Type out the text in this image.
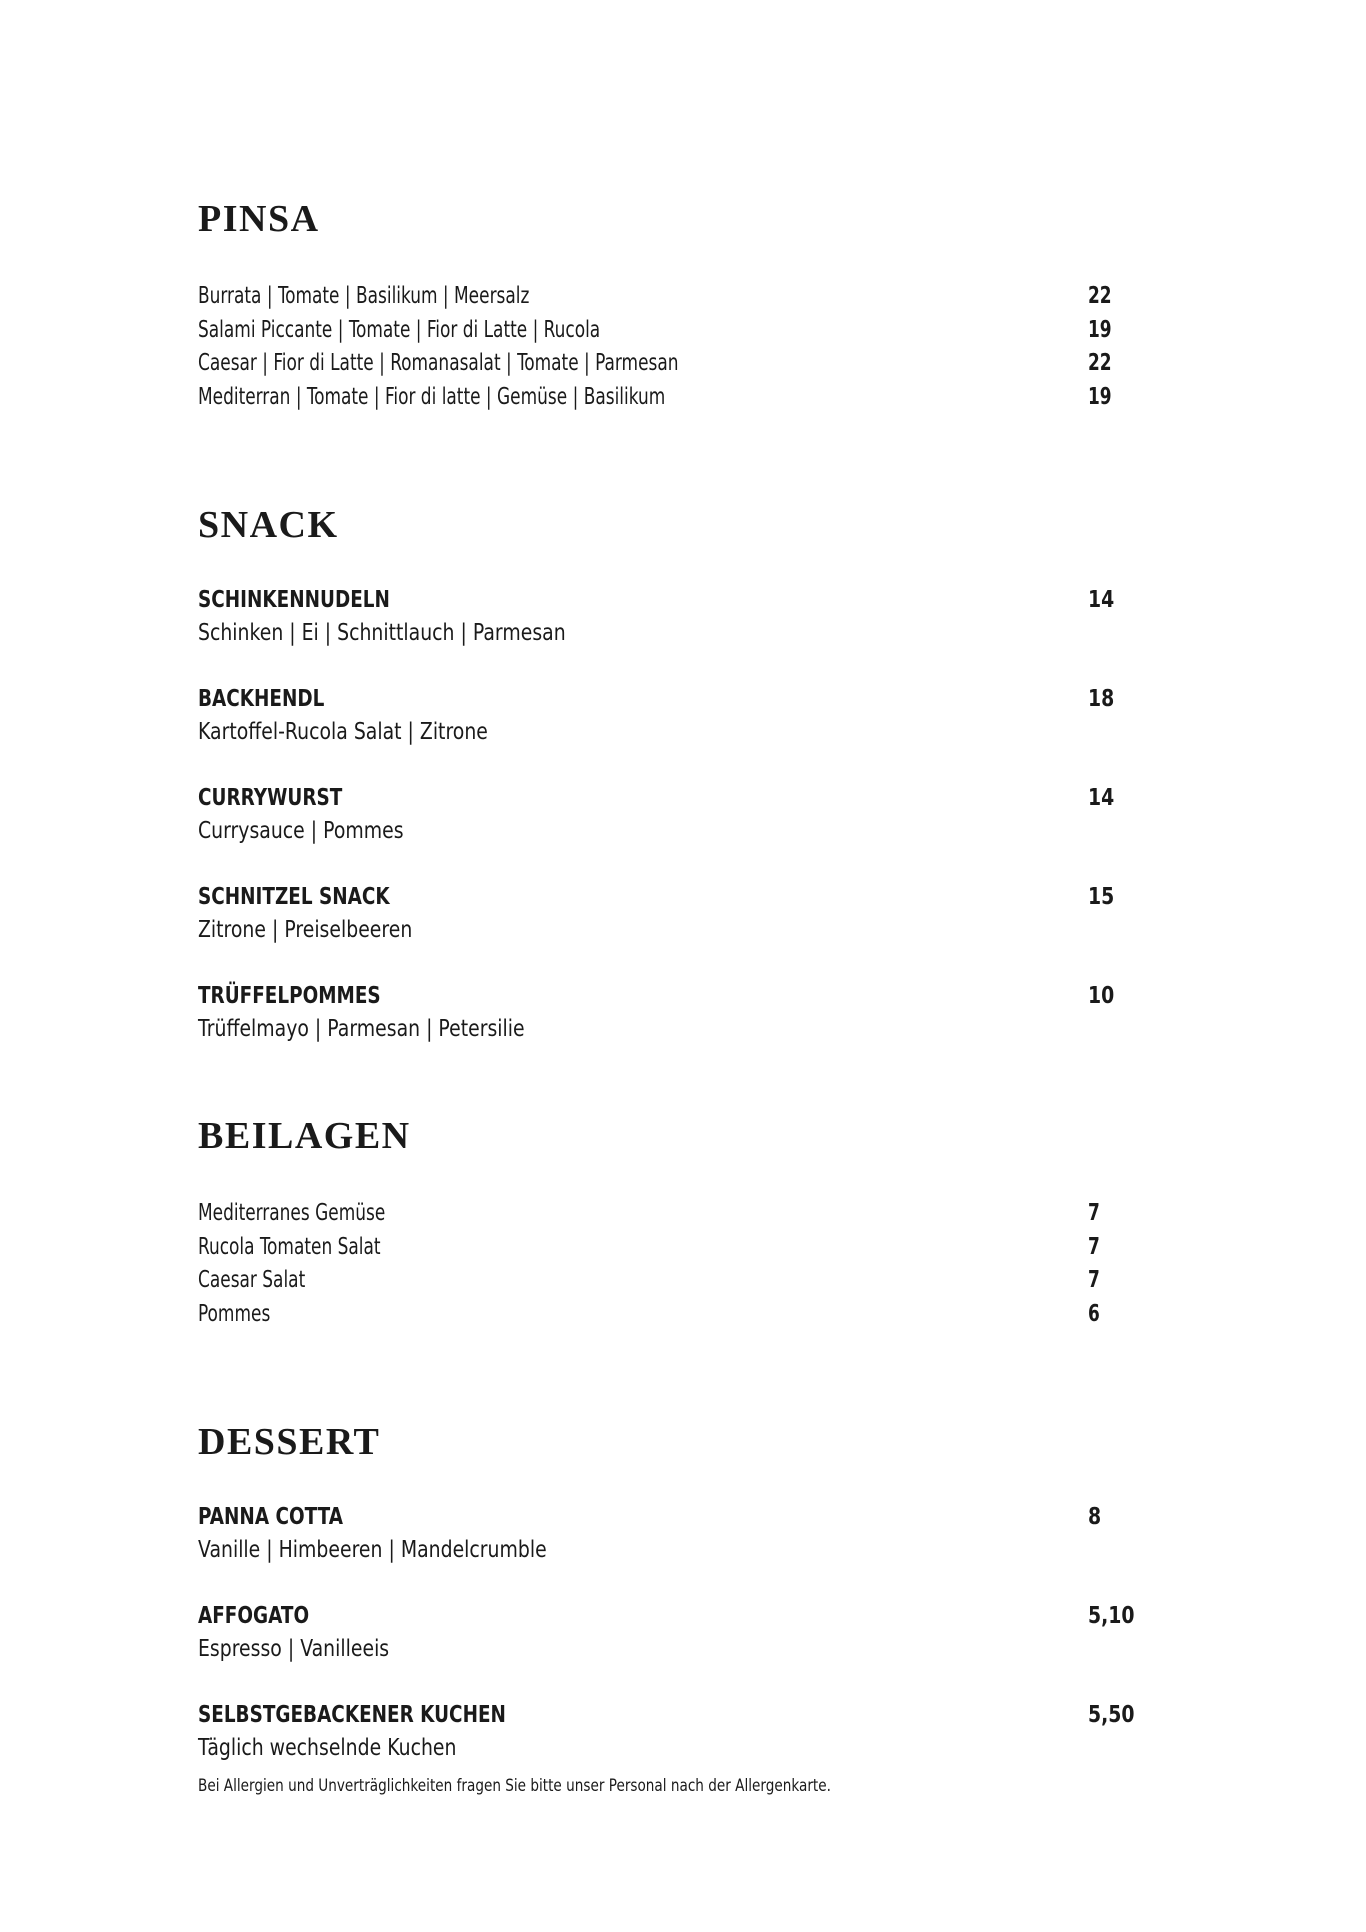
PINSA
Burrata | Tomate | Basilikum | Meersalz	22
Salami Piccante | Tomate | Fior di Latte | Rucola	19
Caesar | Fior di Latte | Romanasalat | Tomate | Parmesan	22
Mediterran | Tomate | Fior di latte | Gemüse | Basilikum	19
SNACK
SCHINKENNUDELN	14
Schinken | Ei | Schnittlauch | Parmesan
BACKHENDL	18
Kartoffel-Rucola Salat | Zitrone
CURRYWURST	14
Currysauce | Pommes
SCHNITZEL SNACK	15
Zitrone | Preiselbeeren
TRÜFFELPOMMES	10
Trüffelmayo | Parmesan | Petersilie
BEILAGEN
Mediterranes Gemüse	7
Rucola Tomaten Salat	7
Caesar Salat	7
Pommes	6
DESSERT
PANNA COTTA	8
Vanille | Himbeeren | Mandelcrumble
AFFOGATO	5,10
Espresso | Vanilleeis
SELBSTGEBACKENER KUCHEN	5,50
Täglich wechselnde Kuchen
Bei Allergien und Unverträglichkeiten fragen Sie bitte unser Personal nach der Allergenkarte.
